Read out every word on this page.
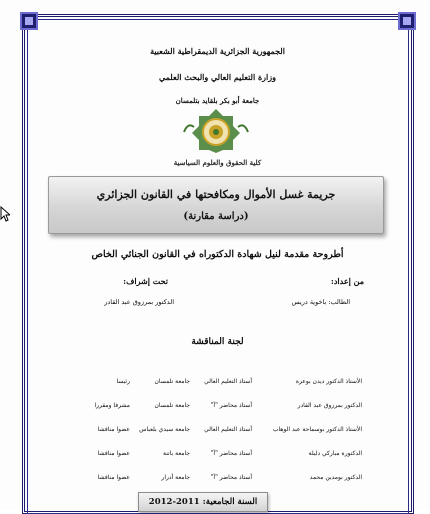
الجمهورية الجزائرية الديمقراطية الشعبية
وزارة التعليم العالي والبحث العلمي
جامعة أبو بكر بلقايد بتلمسان
كلية الحقوق والعلوم السياسية
جريمة غسل الأموال ومكافحتها في القانون الجزائري
(دراسة مقارنة)
أطروحة مقدمة لنيل شهادة الدكتوراه في القانون الجنائي الخاص
من إعداد:
تحت إشراف:
الطالب: باخوية دريس
الدكتور بمرزوق عبد القادر
لجنة المناقشة
الأستاذ الدكتور ديدن بوعزة
أستاذ التعليم العالي
جامعة تلمسان
رئيسا
الدكتور بمرزوق عبد القادر
أستاذ محاضر "أ"
جامعة تلمسان
مشرفا ومقررا
الأستاذ الدكتور بوسماحة عبد الوهاب
أستاذ التعليم العالي
جامعة سيدي بلعباس
عضوا مناقشا
الدكتورة مباركي دليلة
أستاذ محاضر "أ"
جامعة باتنة
عضوا مناقشا
الدكتور بومدين محمد
أستاذ محاضر "أ"
جامعة أدرار
عضوا مناقشا
السنة الجامعية: 2011-2012
